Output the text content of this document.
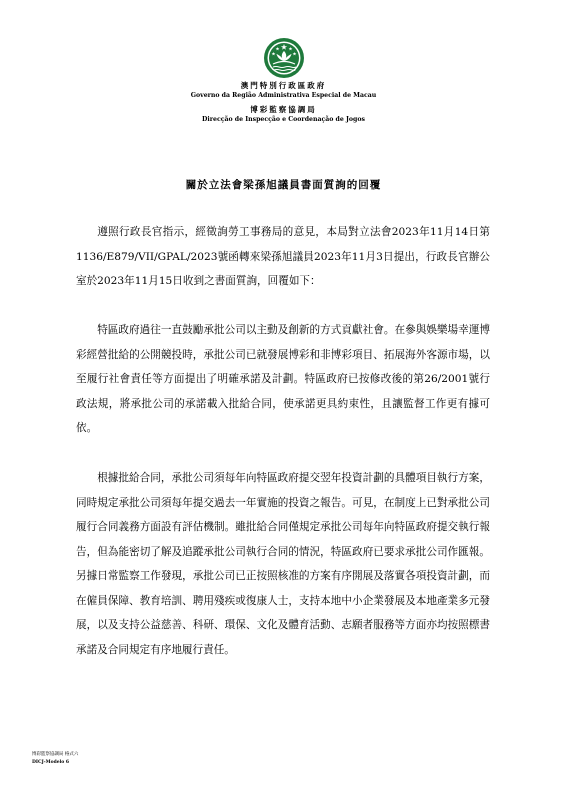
澳門特別行政區政府
Governo da Região Administrativa Especial de Macau
博彩監察協調局
Direcção de Inspecção e Coordenação de Jogos
關於立法會梁孫旭議員書面質詢的回覆

遵照行政長官指示，經徵詢勞工事務局的意見，本局對立法會2023年11月14日第1136/E879/VII/GPAL/2023號函轉來梁孫旭議員2023年11月3日提出，行政長官辦公室於2023年11月15日收到之書面質詢，回覆如下：

特區政府過往一直鼓勵承批公司以主動及創新的方式貢獻社會。在參與娛樂場幸運博彩經營批給的公開競投時，承批公司已就發展博彩和非博彩項目、拓展海外客源市場，以至履行社會責任等方面提出了明確承諾及計劃。特區政府已按修改後的第26/2001號行政法規，將承批公司的承諾載入批給合同，使承諾更具約束性，且讓監督工作更有據可依。

根據批給合同，承批公司須每年向特區政府提交翌年投資計劃的具體項目執行方案，同時規定承批公司須每年提交過去一年實施的投資之報告。可見，在制度上已對承批公司履行合同義務方面設有評估機制。雖批給合同僅規定承批公司每年向特區政府提交執行報告，但為能密切了解及追蹤承批公司執行合同的情況，特區政府已要求承批公司作匯報。另據日常監察工作發現，承批公司已正按照核准的方案有序開展及落實各項投資計劃，而在僱員保障、教育培訓、聘用殘疾或復康人士，支持本地中小企業發展及本地產業多元發展，以及支持公益慈善、科研、環保、文化及體育活動、志願者服務等方面亦均按照標書承諾及合同規定有序地履行責任。

博彩監察協調局 格式六
DICJ-Modelo 6
